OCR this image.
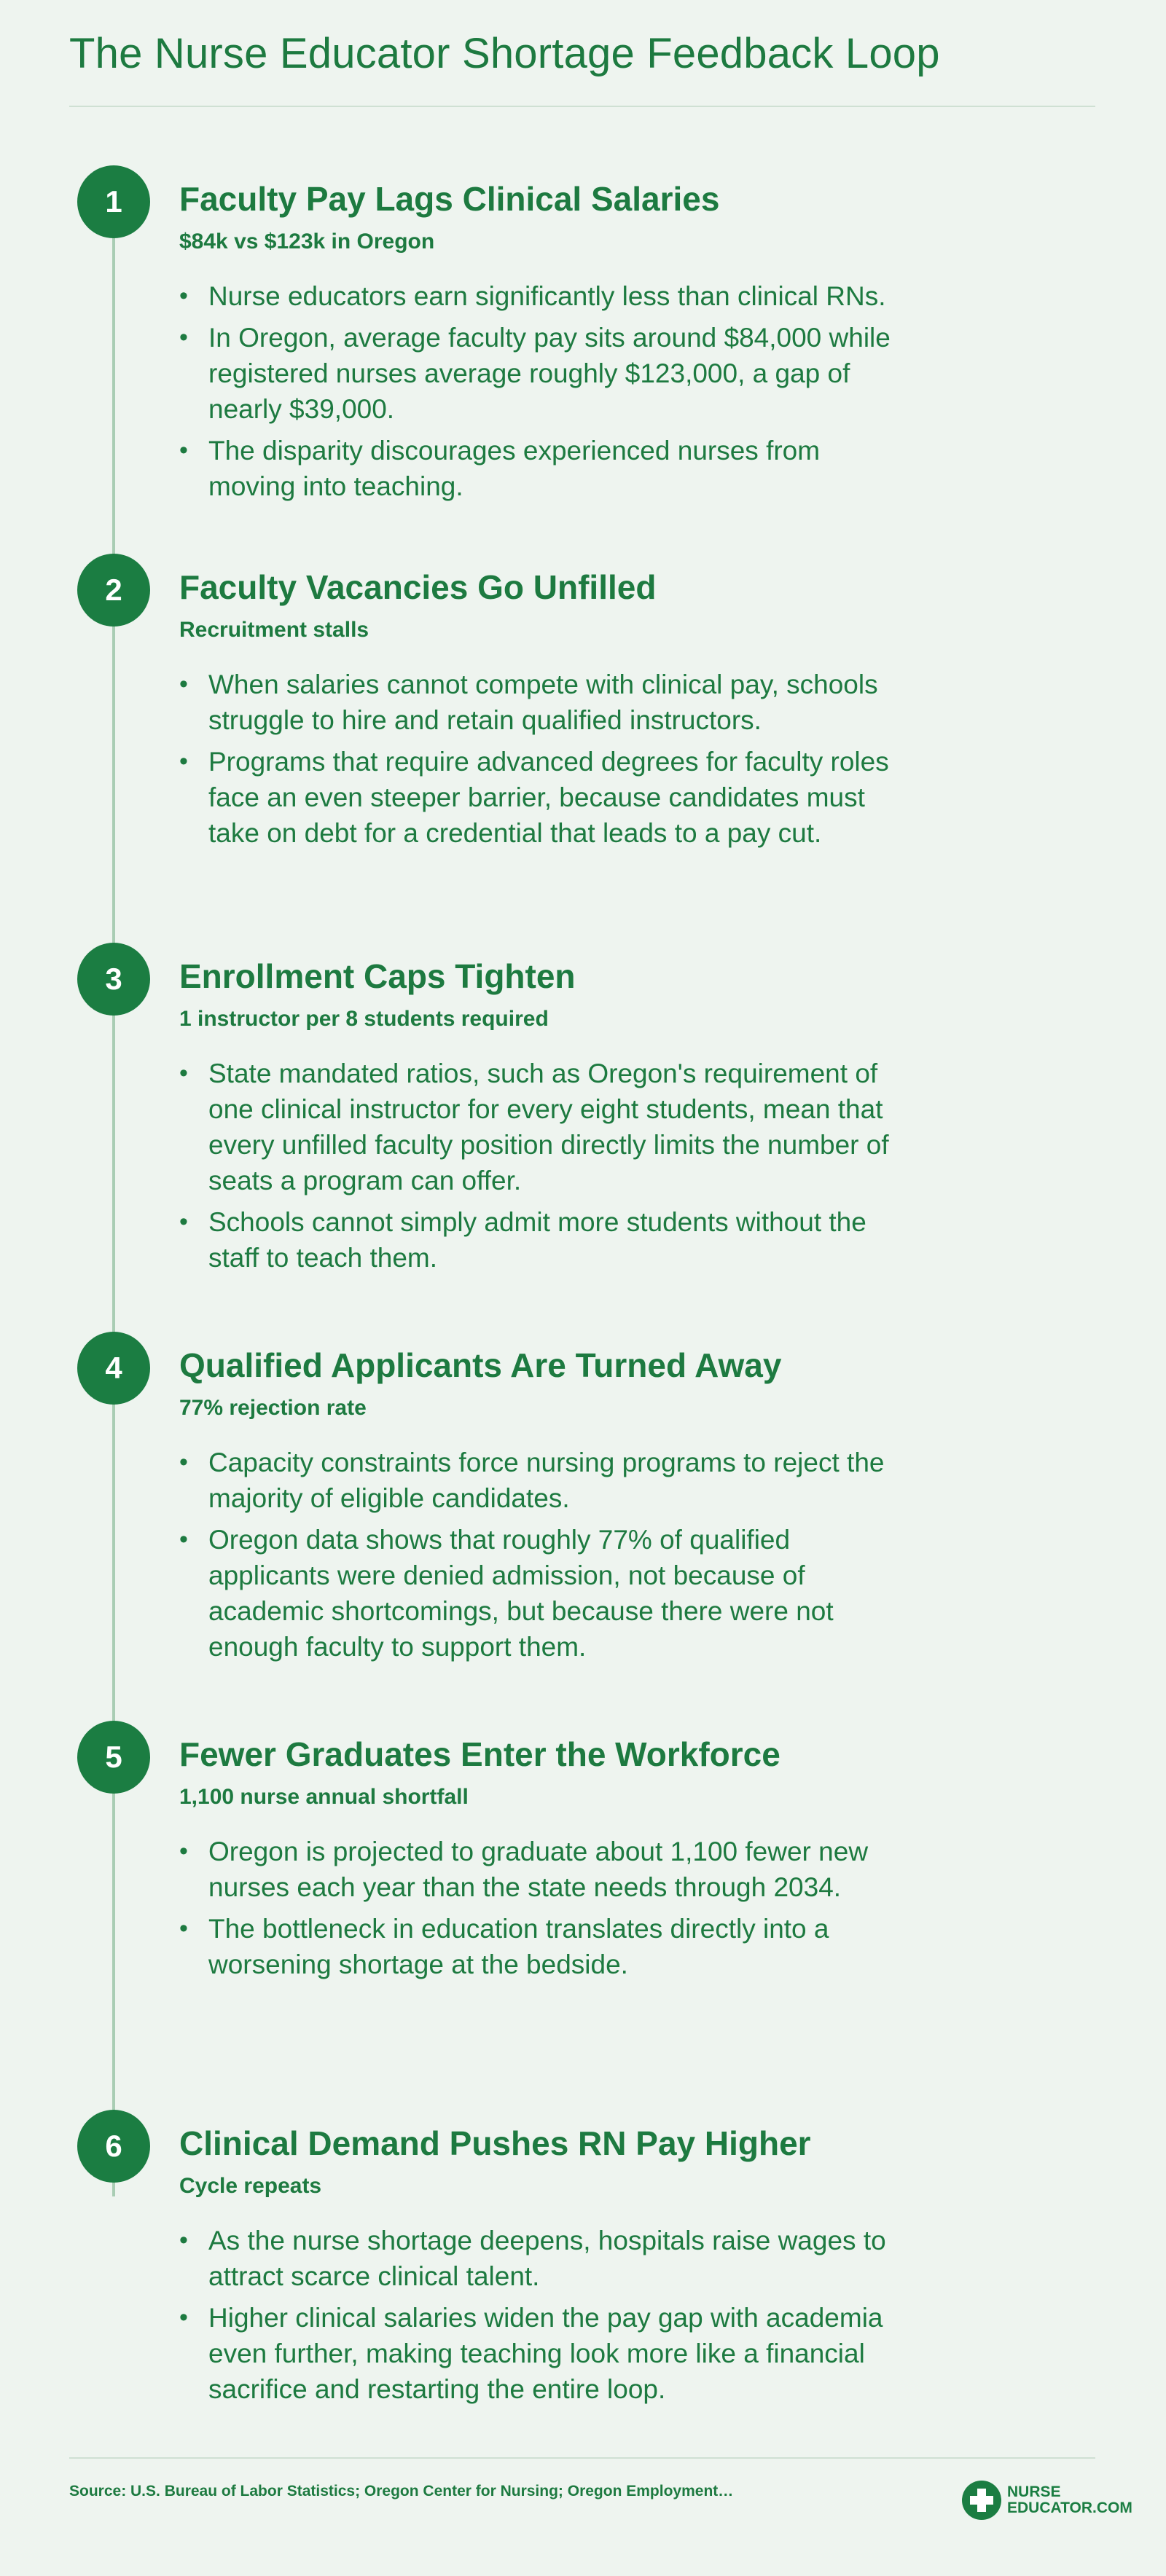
The Nurse Educator Shortage Feedback Loop
1	Faculty Pay Lags Clinical Salaries
$84k vs $123k in Oregon
• Nurse educators earn significantly less than clinical RNs.
• In Oregon, average faculty pay sits around $84,000 while registered nurses average roughly $123,000, a gap of nearly $39,000.
• The disparity discourages experienced nurses from moving into teaching.
2	Faculty Vacancies Go Unfilled
Recruitment stalls
• When salaries cannot compete with clinical pay, schools struggle to hire and retain qualified instructors.
• Programs that require advanced degrees for faculty roles face an even steeper barrier, because candidates must take on debt for a credential that leads to a pay cut.
3	Enrollment Caps Tighten
1 instructor per 8 students required
• State mandated ratios, such as Oregon's requirement of one clinical instructor for every eight students, mean that every unfilled faculty position directly limits the number of seats a program can offer.
• Schools cannot simply admit more students without the staff to teach them.
4	Qualified Applicants Are Turned Away
77% rejection rate
• Capacity constraints force nursing programs to reject the majority of eligible candidates.
• Oregon data shows that roughly 77% of qualified applicants were denied admission, not because of academic shortcomings, but because there were not enough faculty to support them.
5	Fewer Graduates Enter the Workforce
1,100 nurse annual shortfall
• Oregon is projected to graduate about 1,100 fewer new nurses each year than the state needs through 2034.
• The bottleneck in education translates directly into a worsening shortage at the bedside.
6	Clinical Demand Pushes RN Pay Higher
Cycle repeats
• As the nurse shortage deepens, hospitals raise wages to attract scarce clinical talent.
• Higher clinical salaries widen the pay gap with academia even further, making teaching look more like a financial sacrifice and restarting the entire loop.
Source: U.S. Bureau of Labor Statistics; Oregon Center for Nursing; Oregon Employment…	NURSE
EDUCATOR.COM
